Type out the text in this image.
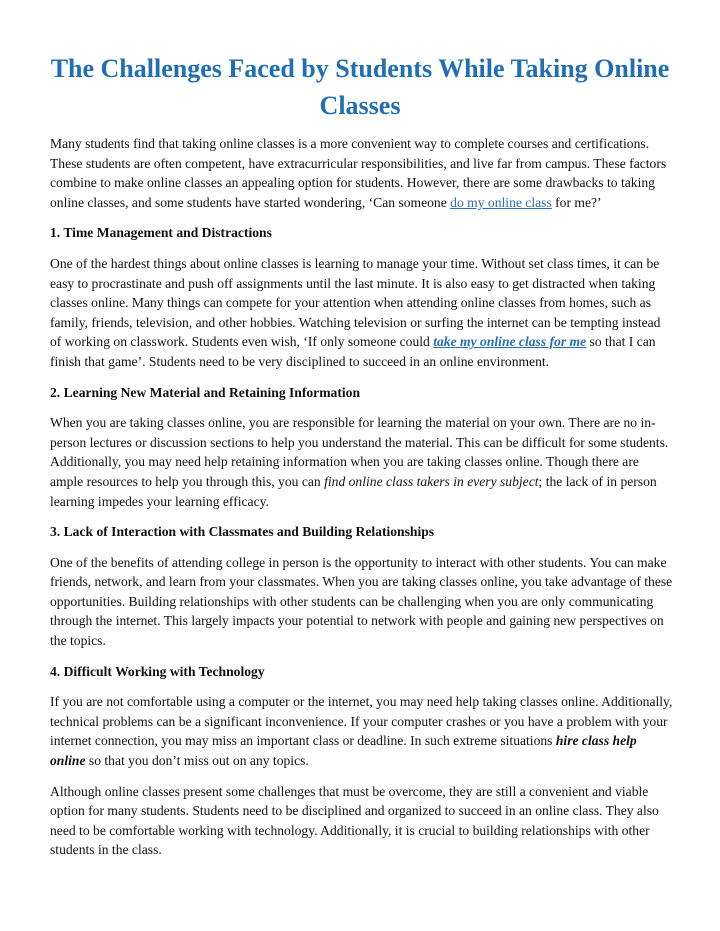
The Challenges Faced by Students While Taking Online Classes

Many students find that taking online classes is a more convenient way to complete courses and certifications. These students are often competent, have extracurricular responsibilities, and live far from campus. These factors combine to make online classes an appealing option for students. However, there are some drawbacks to taking online classes, and some students have started wondering, ‘Can someone do my online class for me?’

1. Time Management and Distractions

One of the hardest things about online classes is learning to manage your time. Without set class times, it can be easy to procrastinate and push off assignments until the last minute. It is also easy to get distracted when taking classes online. Many things can compete for your attention when attending online classes from homes, such as family, friends, television, and other hobbies. Watching television or surfing the internet can be tempting instead of working on classwork. Students even wish, ‘If only someone could take my online class for me so that I can finish that game’. Students need to be very disciplined to succeed in an online environment.

2. Learning New Material and Retaining Information

When you are taking classes online, you are responsible for learning the material on your own. There are no in-person lectures or discussion sections to help you understand the material. This can be difficult for some students. Additionally, you may need help retaining information when you are taking classes online. Though there are ample resources to help you through this, you can find online class takers in every subject; the lack of in person learning impedes your learning efficacy.

3. Lack of Interaction with Classmates and Building Relationships

One of the benefits of attending college in person is the opportunity to interact with other students. You can make friends, network, and learn from your classmates. When you are taking classes online, you take advantage of these opportunities. Building relationships with other students can be challenging when you are only communicating through the internet. This largely impacts your potential to network with people and gaining new perspectives on the topics.

4. Difficult Working with Technology

If you are not comfortable using a computer or the internet, you may need help taking classes online. Additionally, technical problems can be a significant inconvenience. If your computer crashes or you have a problem with your internet connection, you may miss an important class or deadline. In such extreme situations hire class help online so that you don’t miss out on any topics.

Although online classes present some challenges that must be overcome, they are still a convenient and viable option for many students. Students need to be disciplined and organized to succeed in an online class. They also need to be comfortable working with technology. Additionally, it is crucial to building relationships with other students in the class.
